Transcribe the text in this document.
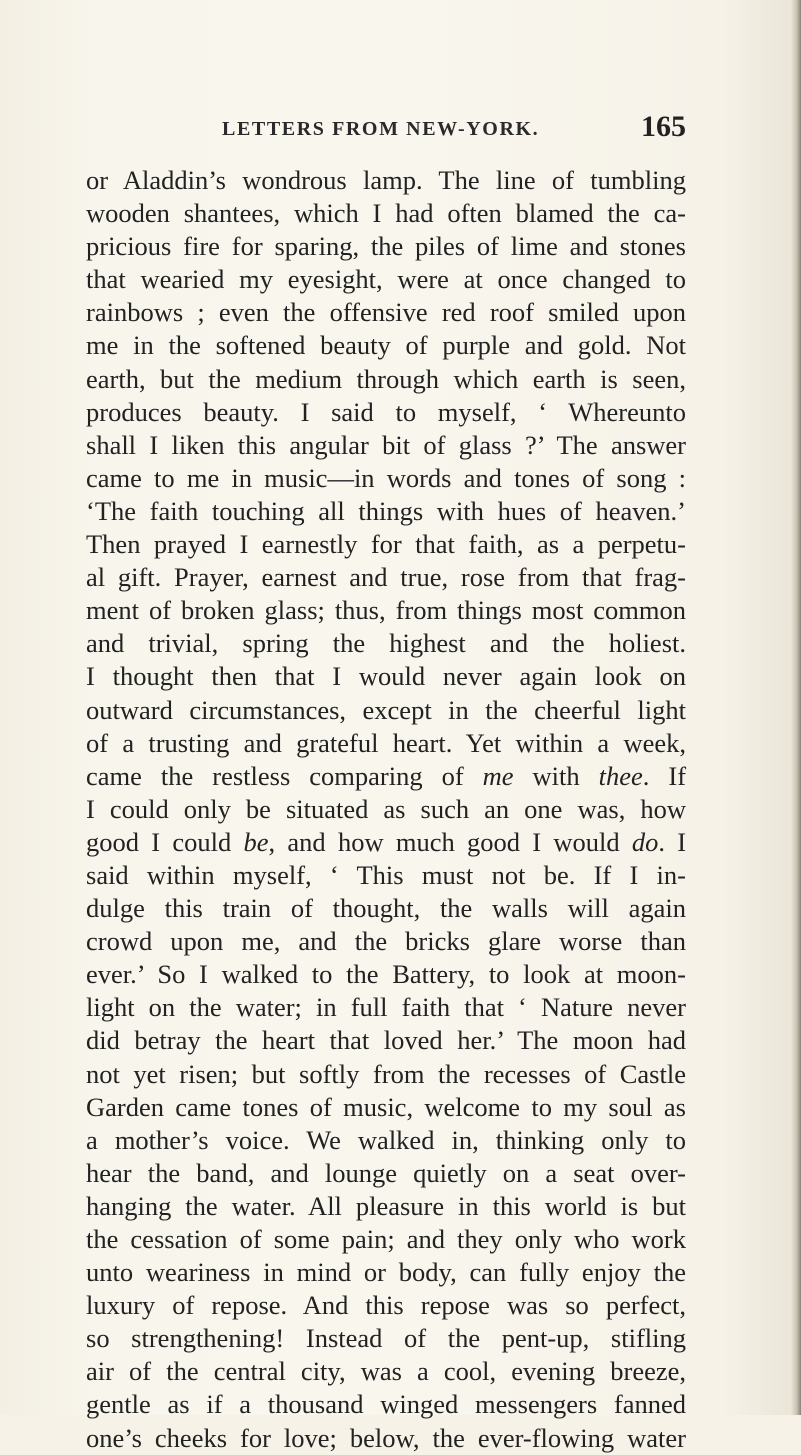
LETTERS FROM NEW-YORK.	165
or Aladdin’s wondrous lamp. The line of tumbling
wooden shantees, which I had often blamed the ca-
pricious fire for sparing, the piles of lime and stones
that wearied my eyesight, were at once changed to
rainbows ; even the offensive red roof smiled upon
me in the softened beauty of purple and gold. Not
earth, but the medium through which earth is seen,
produces beauty. I said to myself, ‘ Whereunto
shall I liken this angular bit of glass ?’ The answer
came to me in music—in words and tones of song :
‘The faith touching all things with hues of heaven.’
Then prayed I earnestly for that faith, as a perpetu-
al gift. Prayer, earnest and true, rose from that frag-
ment of broken glass; thus, from things most common
and trivial, spring the highest and the holiest.
I thought then that I would never again look on
outward circumstances, except in the cheerful light
of a trusting and grateful heart. Yet within a week,
came the restless comparing of me with thee. If
I could only be situated as such an one was, how
good I could be, and how much good I would do. I
said within myself, ‘ This must not be. If I in-
dulge this train of thought, the walls will again
crowd upon me, and the bricks glare worse than
ever.’ So I walked to the Battery, to look at moon-
light on the water; in full faith that ‘ Nature never
did betray the heart that loved her.’ The moon had
not yet risen; but softly from the recesses of Castle
Garden came tones of music, welcome to my soul as
a mother’s voice. We walked in, thinking only to
hear the band, and lounge quietly on a seat over-
hanging the water. All pleasure in this world is but
the cessation of some pain; and they only who work
unto weariness in mind or body, can fully enjoy the
luxury of repose. And this repose was so perfect,
so strengthening! Instead of the pent-up, stifling
air of the central city, was a cool, evening breeze,
gentle as if a thousand winged messengers fanned
one’s cheeks for love; below, the ever-flowing water
